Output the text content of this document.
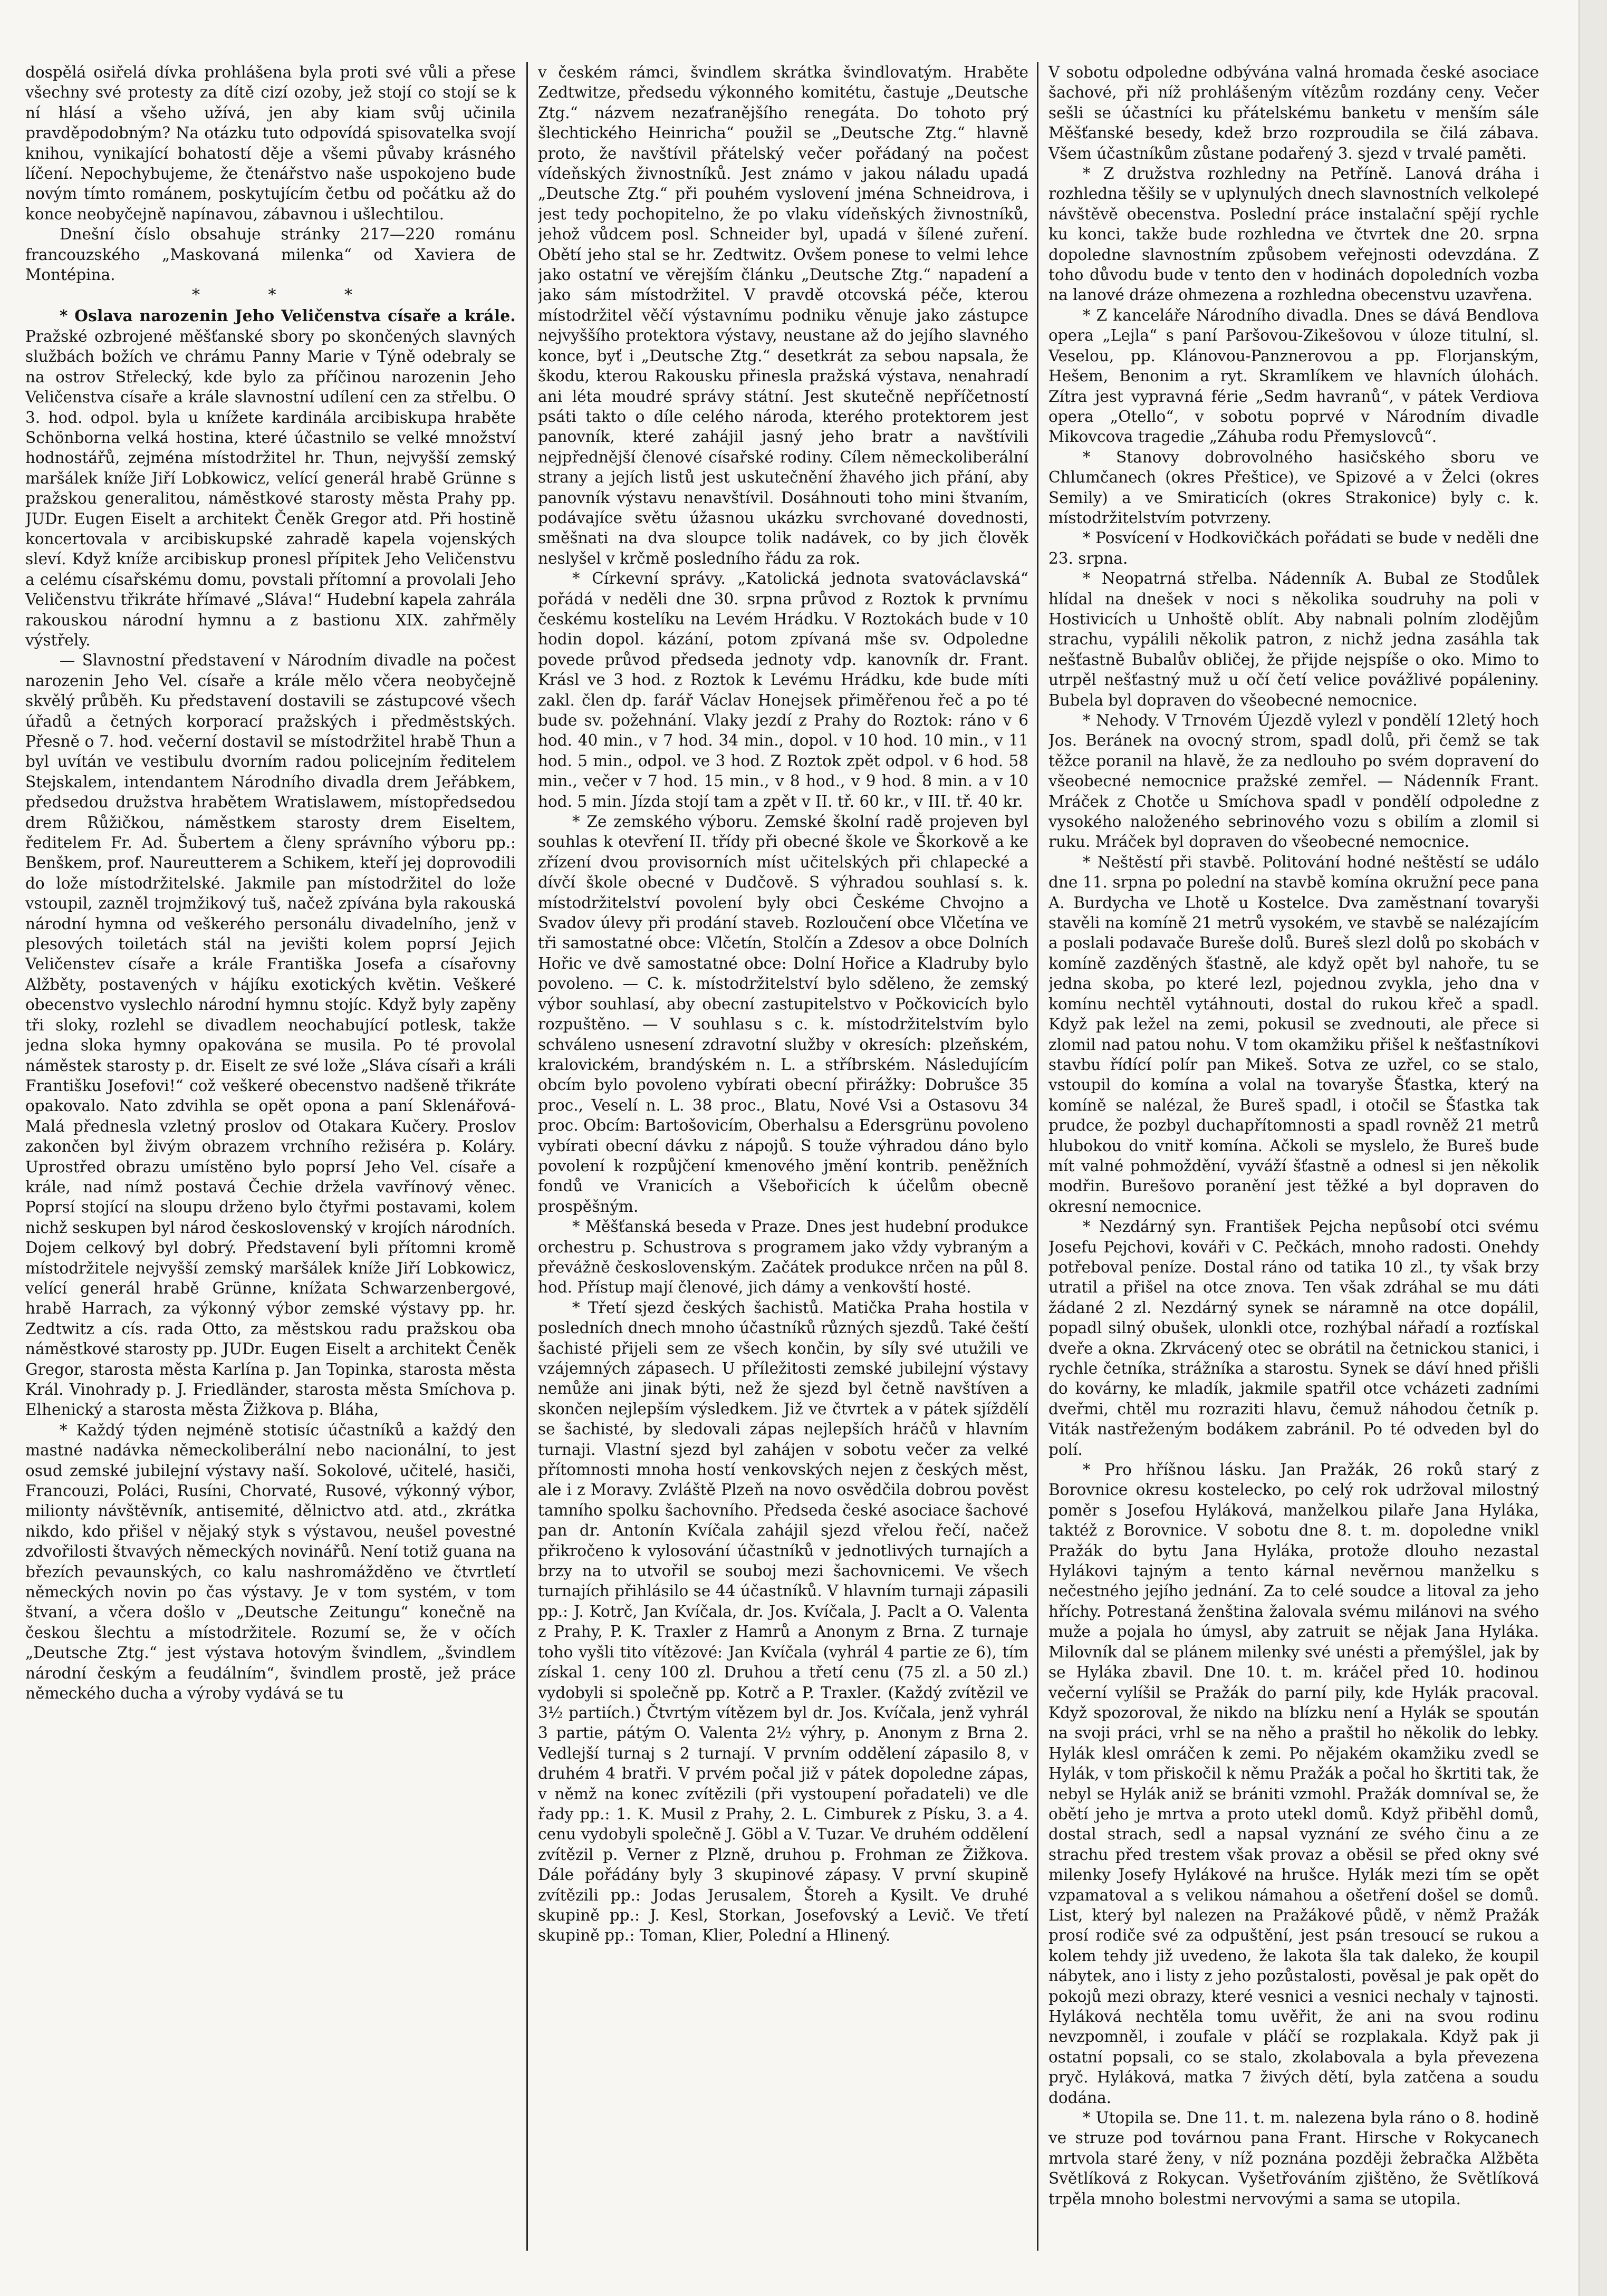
dospělá osiřelá dívka prohlášena byla proti své vůli a přese všechny své protesty za dítě cizí ozoby, jež stojí co stojí se k ní hlásí a všeho užívá, jen aby kiam svůj učinila pravděpodobným? Na otázku tuto odpovídá spisovatelka svojí knihou, vynikající bohatostí děje a všemi půvaby krásného líčení. Nepochybujeme, že čtenářstvo naše uspokojeno bude novým tímto románem, poskytujícím četbu od počátku až do konce neobyčejně napínavou, zábavnou i ušlechtilou.

Dnešní číslo obsahuje stránky 217—220 románu francouzského „Maskovaná milenka“ od Xaviera de Montépina.

* * *

* Oslava narozenin Jeho Veličenstva císaře a krále. Pražské ozbrojené měšťanské sbory po skončených slavných službách božích ve chrámu Panny Marie v Týně odebraly se na ostrov Střelecký, kde bylo za příčinou narozenin Jeho Veličenstva císaře a krále slavnostní udílení cen za střelbu. O 3. hod. odpol. byla u knížete kardinála arcibiskupa hraběte Schönborna velká hostina, které účastnilo se velké množství hodnostářů, zejména místodržitel hr. Thun, nejvyšší zemský maršálek kníže Jiří Lobkowicz, velící generál hrabě Grünne s pražskou generalitou, náměstkové starosty města Prahy pp. JUDr. Eugen Eiselt a architekt Čeněk Gregor atd. Při hostině koncertovala v arcibiskupské zahradě kapela vojenských sleví. Když kníže arcibiskup pronesl přípitek Jeho Veličenstvu a celému císařskému domu, povstali přítomní a provolali Jeho Veličenstvu třikráte hřímavé „Sláva!“ Hudební kapela zahrála rakouskou národní hymnu a z bastionu XIX. zahřměly výstřely.

— Slavnostní představení v Národním divadle na počest narozenin Jeho Vel. císaře a krále mělo včera neobyčejně skvělý průběh. Ku představení dostavili se zástupcové všech úřadů a četných korporací pražských i předměstských. Přesně o 7. hod. večerní dostavil se místodržitel hrabě Thun a byl uvítán ve vestibulu dvorním radou policejním ředitelem Stejskalem, intendantem Národního divadla drem Jeřábkem, předsedou družstva hrabětem Wratislawem, místopředsedou drem Růžičkou, náměstkem starosty drem Eiseltem, ředitelem Fr. Ad. Šubertem a členy správního výboru pp.: Benškem, prof. Naureutterem a Schikem, kteří jej doprovodili do lože místodržitelské. Jakmile pan místodržitel do lože vstoupil, zazněl trojmžikový tuš, načež zpívána byla rakouská národní hymna od veškerého personálu divadelního, jenž v plesových toiletách stál na jevišti kolem poprsí Jejich Veličenstev císaře a krále Františka Josefa a císařovny Alžběty, postavených v hájíku exotických květin. Veškeré obecenstvo vyslechlo národní hymnu stojíc. Když byly zapěny tři sloky, rozlehl se divadlem neochabující potlesk, takže jedna sloka hymny opakována se musila. Po té provolal náměstek starosty p. dr. Eiselt ze své lože „Sláva císaři a králi Františku Josefovi!“ což veškeré obecenstvo nadšeně třikráte opakovalo. Nato zdvihla se opět opona a paní Sklenářová-Malá přednesla vzletný proslov od Otakara Kučery. Proslov zakončen byl živým obrazem vrchního režiséra p. Koláry. Uprostřed obrazu umístěno bylo poprsí Jeho Vel. císaře a krále, nad nímž postavá Čechie držela vavřínový věnec. Poprsí stojící na sloupu drženo bylo čtyřmi postavami, kolem nichž seskupen byl národ československý v krojích národních. Dojem celkový byl dobrý. Představení byli přítomni kromě místodržitele nejvyšší zemský maršálek kníže Jiří Lobkowicz, velící generál hrabě Grünne, knížata Schwarzenbergové, hrabě Harrach, za výkonný výbor zemské výstavy pp. hr. Zedtwitz a cís. rada Otto, za městskou radu pražskou oba náměstkové starosty pp. JUDr. Eugen Eiselt a architekt Čeněk Gregor, starosta města Karlína p. Jan Topinka, starosta města Král. Vinohrady p. J. Friedländer, starosta města Smíchova p. Elhenický a starosta města Žižkova p. Bláha,

* Každý týden nejméně stotisíc účastníků a každý den mastné nadávka německoliberální nebo nacionální, to jest osud zemské jubilejní výstavy naší. Sokolové, učitelé, hasiči, Francouzi, Poláci, Rusíni, Chorvaté, Rusové, výkonný výbor, milionty návštěvník, antisemité, dělnictvo atd. atd., zkrátka nikdo, kdo přišel v nějaký styk s výstavou, neušel povestné zdvořilosti štvavých německých novinářů. Není totiž guana na březích pevaunských, co kalu nashromážděno ve čtvrtletí německých novin po čas výstavy. Je v tom systém, v tom štvaní, a včera došlo v „Deutsche Zeitungu“ konečně na českou šlechtu a místodržitele. Rozumí se, že v očích „Deutsche Ztg.“ jest výstava hotovým švindlem, „švindlem národní českým a feudálním“, švindlem prostě, jež práce německého ducha a výroby vydává se tu

v českém rámci, švindlem skrátka švindlovatým. Hraběte Zedtwitze, předsedu výkonného komitétu, častuje „Deutsche Ztg.“ názvem nezaťranějšího renegáta. Do tohoto prý šlechtického Heinricha“ použil se „Deutsche Ztg.“ hlavně proto, že navštívil přátelský večer pořádaný na počest vídeňských živnostníků. Jest známo v jakou náladu upadá „Deutsche Ztg.“ při pouhém vyslovení jména Schneidrova, i jest tedy pochopitelno, že po vlaku vídeňských živnostníků, jehož vůdcem posl. Schneider byl, upadá v šílené zuření. Obětí jeho stal se hr. Zedtwitz. Ovšem ponese to velmi lehce jako ostatní ve věrejším článku „Deutsche Ztg.“ napadení a jako sám místodržitel. V pravdě otcovská péče, kterou místodržitel věčí výstavnímu podniku věnuje jako zástupce nejvyššího protektora výstavy, neustane až do jejího slavného konce, byť i „Deutsche Ztg.“ desetkrát za sebou napsala, že škodu, kterou Rakousku přinesla pražská výstava, nenahradí ani léta moudré správy státní. Jest skutečně nepříčetností psáti takto o díle celého národa, kterého protektorem jest panovník, které zahájil jasný jeho bratr a navštívili nejpřednější členové císařské rodiny. Cílem německoliberální strany a jejích listů jest uskutečnění žhavého jich přání, aby panovník výstavu nenavštívil. Dosáhnouti toho mini štvaním, podávajíce světu úžasnou ukázku svrchované dovednosti, směšnati na dva sloupce tolik nadávek, co by jich člověk neslyšel v krčmě posledního řádu za rok.

* Církevní správy. „Katolická jednota svatováclavská“ pořádá v neděli dne 30. srpna průvod z Roztok k prvnímu českému kostelíku na Levém Hrádku. V Roztokách bude v 10 hodin dopol. kázání, potom zpívaná mše sv. Odpoledne povede průvod předseda jednoty vdp. kanovník dr. Frant. Krásl ve 3 hod. z Roztok k Levému Hrádku, kde bude míti zakl. člen dp. farář Václav Honejsek přiměřenou řeč a po té bude sv. požehnání. Vlaky jezdí z Prahy do Roztok: ráno v 6 hod. 40 min., v 7 hod. 34 min., dopol. v 10 hod. 10 min., v 11 hod. 5 min., odpol. ve 3 hod. Z Roztok zpět odpol. v 6 hod. 58 min., večer v 7 hod. 15 min., v 8 hod., v 9 hod. 8 min. a v 10 hod. 5 min. Jízda stojí tam a zpět v II. tř. 60 kr., v III. tř. 40 kr.

* Ze zemského výboru. Zemské školní radě projeven byl souhlas k otevření II. třídy při obecné škole ve Škorkově a ke zřízení dvou provisorních míst učitelských při chlapecké a dívčí škole obecné v Dudčově. S výhradou souhlasí s. k. místodržitelství povolení byly obci Českéme Chvojno a Svadov úlevy při prodání staveb. Rozloučení obce Vlčetína ve tři samostatné obce: Vlčetín, Stolčín a Zdesov a obce Dolních Hořic ve dvě samostatné obce: Dolní Hořice a Kladruby bylo povoleno. — C. k. místodržitelství bylo sděleno, že zemský výbor souhlasí, aby obecní zastupitelstvo v Počkovicích bylo rozpuštěno. — V souhlasu s c. k. místodržitelstvím bylo schváleno usnesení zdravotní služby v okresích: plzeňském, kralovickém, brandýském n. L. a stříbrském. Následujícím obcím bylo povoleno vybírati obecní přirážky: Dobrušce 35 proc., Veselí n. L. 38 proc., Blatu, Nové Vsi a Ostasovu 34 proc. Obcím: Bartošovicím, Oberhalsu a Edersgrünu povoleno vybírati obecní dávku z nápojů. S touže výhradou dáno bylo povolení k rozpůjčení kmenového jmění kontrib. peněžních fondů ve Vranicích a Všebořicích k účelům obecně prospěšným.

* Měšťanská beseda v Praze. Dnes jest hudební produkce orchestru p. Schustrova s programem jako vždy vybraným a převážně československým. Začátek produkce nrčen na půl 8. hod. Přístup mají členové, jich dámy a venkovští hosté.

* Třetí sjezd českých šachistů. Matička Praha hostila v posledních dnech mnoho účastníků různých sjezdů. Také čeští šachisté přijeli sem ze všech končin, by síly své utužili ve vzájemných zápasech. U příležitosti zemské jubilejní výstavy nemůže ani jinak býti, než že sjezd byl četně navštíven a skončen nejlepším výsledkem. Již ve čtvrtek a v pátek sjíždělí se šachisté, by sledovali zápas nejlepších hráčů v hlavním turnaji. Vlastní sjezd byl zahájen v sobotu večer za velké přítomnosti mnoha hostí venkovských nejen z českých měst, ale i z Moravy. Zvláště Plzeň na novo osvědčila dobrou pověst tamního spolku šachovního. Předseda české asociace šachové pan dr. Antonín Kvíčala zahájil sjezd vřelou řečí, načež přikročeno k vylosování účastníků v jednotlivých turnajích a brzy na to utvořil se souboj mezi šachovnicemi. Ve všech turnajích přihlásilo se 44 účastníků. V hlavním turnaji zápasili pp.: J. Kotrč, Jan Kvíčala, dr. Jos. Kvíčala, J. Paclt a O. Valenta z Prahy, P. K. Traxler z Hamrů a Anonym z Brna. Z turnaje toho vyšli tito vítězové: Jan Kvíčala (vyhrál 4 partie ze 6), tím získal 1. ceny 100 zl. Druhou a třetí cenu (75 zl. a 50 zl.) vydobyli si společně pp. Kotrč a P. Traxler. (Každý zvítězil ve 3½ partiích.) Čtvrtým vítězem byl dr. Jos. Kvíčala, jenž vyhrál 3 partie, pátým O. Valenta 2½ výhry, p. Anonym z Brna 2. Vedlejší turnaj s 2 turnají. V prvním oddělení zápasilo 8, v druhém 4 bratři. V prvém počal již v pátek dopoledne zápas, v němž na konec zvítězili (při vystoupení pořadateli) ve dle řady pp.: 1. K. Musil z Prahy, 2. L. Cimburek z Písku, 3. a 4. cenu vydobyli společně J. Göbl a V. Tuzar. Ve druhém oddělení zvítězil p. Verner z Plzně, druhou p. Frohman ze Žižkova. Dále pořádány byly 3 skupinové zápasy. V první skupině zvítězili pp.: Jodas Jerusalem, Štoreh a Kysilt. Ve druhé skupině pp.: J. Kesl, Storkan, Josefovský a Levič. Ve třetí skupině pp.: Toman, Klier, Polední a Hlinený.

V sobotu odpoledne odbývána valná hromada české asociace šachové, při níž prohlášeným vítězům rozdány ceny. Večer sešli se účastníci ku přátelskému banketu v menším sále Měšťanské besedy, kdež brzo rozproudila se čilá zábava. Všem účastníkům zůstane podařený 3. sjezd v trvalé paměti.

* Z družstva rozhledny na Petříně. Lanová dráha i rozhledna těšily se v uplynulých dnech slavnostních velkolepé návštěvě obecenstva. Poslední práce instalační spějí rychle ku konci, takže bude rozhledna ve čtvrtek dne 20. srpna dopoledne slavnostním způsobem veřejnosti odevzdána. Z toho důvodu bude v tento den v hodinách dopoledních vozba na lanové dráze ohmezena a rozhledna obecenstvu uzavřena.

* Z kanceláře Národního divadla. Dnes se dává Bendlova opera „Lejla“ s paní Paršovou-Zikešovou v úloze titulní, sl. Veselou, pp. Klánovou-Panznerovou a pp. Florjanským, Hešem, Benonim a ryt. Skramlíkem ve hlavních úlohách. Zítra jest vypravná férie „Sedm havranů“, v pátek Verdiova opera „Otello“, v sobotu poprvé v Národním divadle Mikovcova tragedie „Záhuba rodu Přemyslovců“.

* Stanovy dobrovolného hasičského sboru ve Chlumčanech (okres Přeštice), ve Spizové a v Želci (okres Semily) a ve Smiraticích (okres Strakonice) byly c. k. místodržitelstvím potvrzeny.

* Posvícení v Hodkovičkách pořádati se bude v neděli dne 23. srpna.

* Neopatrná střelba. Nádenník A. Bubal ze Stodůlek hlídal na dnešek v noci s několika soudruhy na poli v Hostivicích u Unhoště oblít. Aby nabnali polním zlodějům strachu, vypálili několik patron, z nichž jedna zasáhla tak nešťastně Bubalův obličej, že přijde nejspíše o oko. Mimo to utrpěl nešťastný muž u očí četí velice povážlivé popáleniny. Bubela byl dopraven do všeobecné nemocnice.

* Nehody. V Trnovém Újezdě vylezl v pondělí 12letý hoch Jos. Beránek na ovocný strom, spadl dolů, při čemž se tak těžce poranil na hlavě, že za nedlouho po svém dopravení do všeobecné nemocnice pražské zemřel. — Nádenník Frant. Mráček z Chotče u Smíchova spadl v pondělí odpoledne z vysokého naloženého sebrinového vozu s obilím a zlomil si ruku. Mráček byl dopraven do všeobecné nemocnice.

* Neštěstí při stavbě. Politování hodné neštěstí se událo dne 11. srpna po polední na stavbě komína okružní pece pana A. Burdycha ve Lhotě u Kostelce. Dva zaměstnaní tovaryši stavěli na komíně 21 metrů vysokém, ve stavbě se nalézajícím a poslali podavače Bureše dolů. Bureš slezl dolů po skobách v komíně zazděných šťastně, ale když opět byl nahoře, tu se jedna skoba, po které lezl, pojednou zvykla, jeho dna v komínu nechtěl vytáhnouti, dostal do rukou křeč a spadl. Když pak ležel na zemi, pokusil se zvednouti, ale přece si zlomil nad patou nohu. V tom okamžiku přišel k nešťastníkovi stavbu řídící polír pan Mikeš. Sotva ze uzřel, co se stalo, vstoupil do komína a volal na tovaryše Šťastka, který na komíně se nalézal, že Bureš spadl, i otočil se Šťastka tak prudce, že pozbyl duchapřítomnosti a spadl rovněž 21 metrů hlubokou do vnitř komína. Ačkoli se myslelo, že Bureš bude mít valné pohmoždění, vyváží šťastně a odnesl si jen několik modřin. Burešovo poranění jest těžké a byl dopraven do okresní nemocnice.

* Nezdárný syn. František Pejcha nepůsobí otci svému Josefu Pejchovi, kováři v C. Pečkách, mnoho radosti. Onehdy potřeboval peníze. Dostal ráno od tatika 10 zl., ty však brzy utratil a přišel na otce znova. Ten však zdráhal se mu dáti žádané 2 zl. Nezdárný synek se náramně na otce dopálil, popadl silný obušek, ulonkli otce, rozhýbal nářadí a rozťískal dveře a okna. Zkrvácený otec se obrátil na četnickou stanici, i rychle četníka, strážníka a starostu. Synek se dáví hned přišli do kovárny, ke mladík, jakmile spatřil otce vcházeti zadními dveřmi, chtěl mu rozraziti hlavu, čemuž náhodou četník p. Viták nastřeženým bodákem zabránil. Po té odveden byl do polí.

* Pro hříšnou lásku. Jan Pražák, 26 roků starý z Borovnice okresu kostelecko, po celý rok udržoval milostný poměr s Josefou Hyláková, manželkou pilaře Jana Hyláka, taktéž z Borovnice. V sobotu dne 8. t. m. dopoledne vnikl Pražák do bytu Jana Hyláka, protože dlouho nezastal Hylákovi tajným a tento kárnal nevěrnou manželku s nečestného jejího jednání. Za to celé soudce a litoval za jeho hříchy. Potrestaná ženština žalovala svému milánovi na svého muže a pojala ho úmysl, aby zatruit se nějak Jana Hyláka. Milovník dal se plánem milenky své unésti a přemýšlel, jak by se Hyláka zbavil. Dne 10. t. m. kráčel před 10. hodinou večerní vylíšil se Pražák do parní pily, kde Hylák pracoval. Když spozoroval, že nikdo na blízku není a Hylák se spoután na svoji práci, vrhl se na něho a praštil ho několik do lebky. Hylák klesl omráčen k zemi. Po nějakém okamžiku zvedl se Hylák, v tom přiskočil k němu Pražák a počal ho škrtiti tak, že nebyl se Hylák aniž se brániti vzmohl. Pražák domníval se, že obětí jeho je mrtva a proto utekl domů. Když přiběhl domů, dostal strach, sedl a napsal vyznání ze svého činu a ze strachu před trestem však provaz a oběsil se před okny své milenky Josefy Hylákové na hrušce. Hylák mezi tím se opět vzpamatoval a s velikou námahou a ošetření došel se domů. List, který byl nalezen na Pražákové půdě, v němž Pražák prosí rodiče své za odpuštění, jest psán tresoucí se rukou a kolem tehdy již uvedeno, že lakota šla tak daleko, že koupil nábytek, ano i listy z jeho pozůstalosti, pověsal je pak opět do pokojů mezi obrazy, které vesnici a vesnici nechaly v tajnosti. Hyláková nechtěla tomu uvěřit, že ani na svou rodinu nevzpomněl, i zoufale v pláčí se rozplakala. Když pak ji ostatní popsali, co se stalo, zkolabovala a byla převezena pryč. Hyláková, matka 7 živých dětí, byla zatčena a soudu dodána.

* Utopila se. Dne 11. t. m. nalezena byla ráno o 8. hodině ve struze pod továrnou pana Frant. Hirsche v Rokycanech mrtvola staré ženy, v níž poznána později žebračka Alžběta Světlíková z Rokycan. Vyšetřováním zjištěno, že Světlíková trpěla mnoho bolestmi nervovými a sama se utopila.
